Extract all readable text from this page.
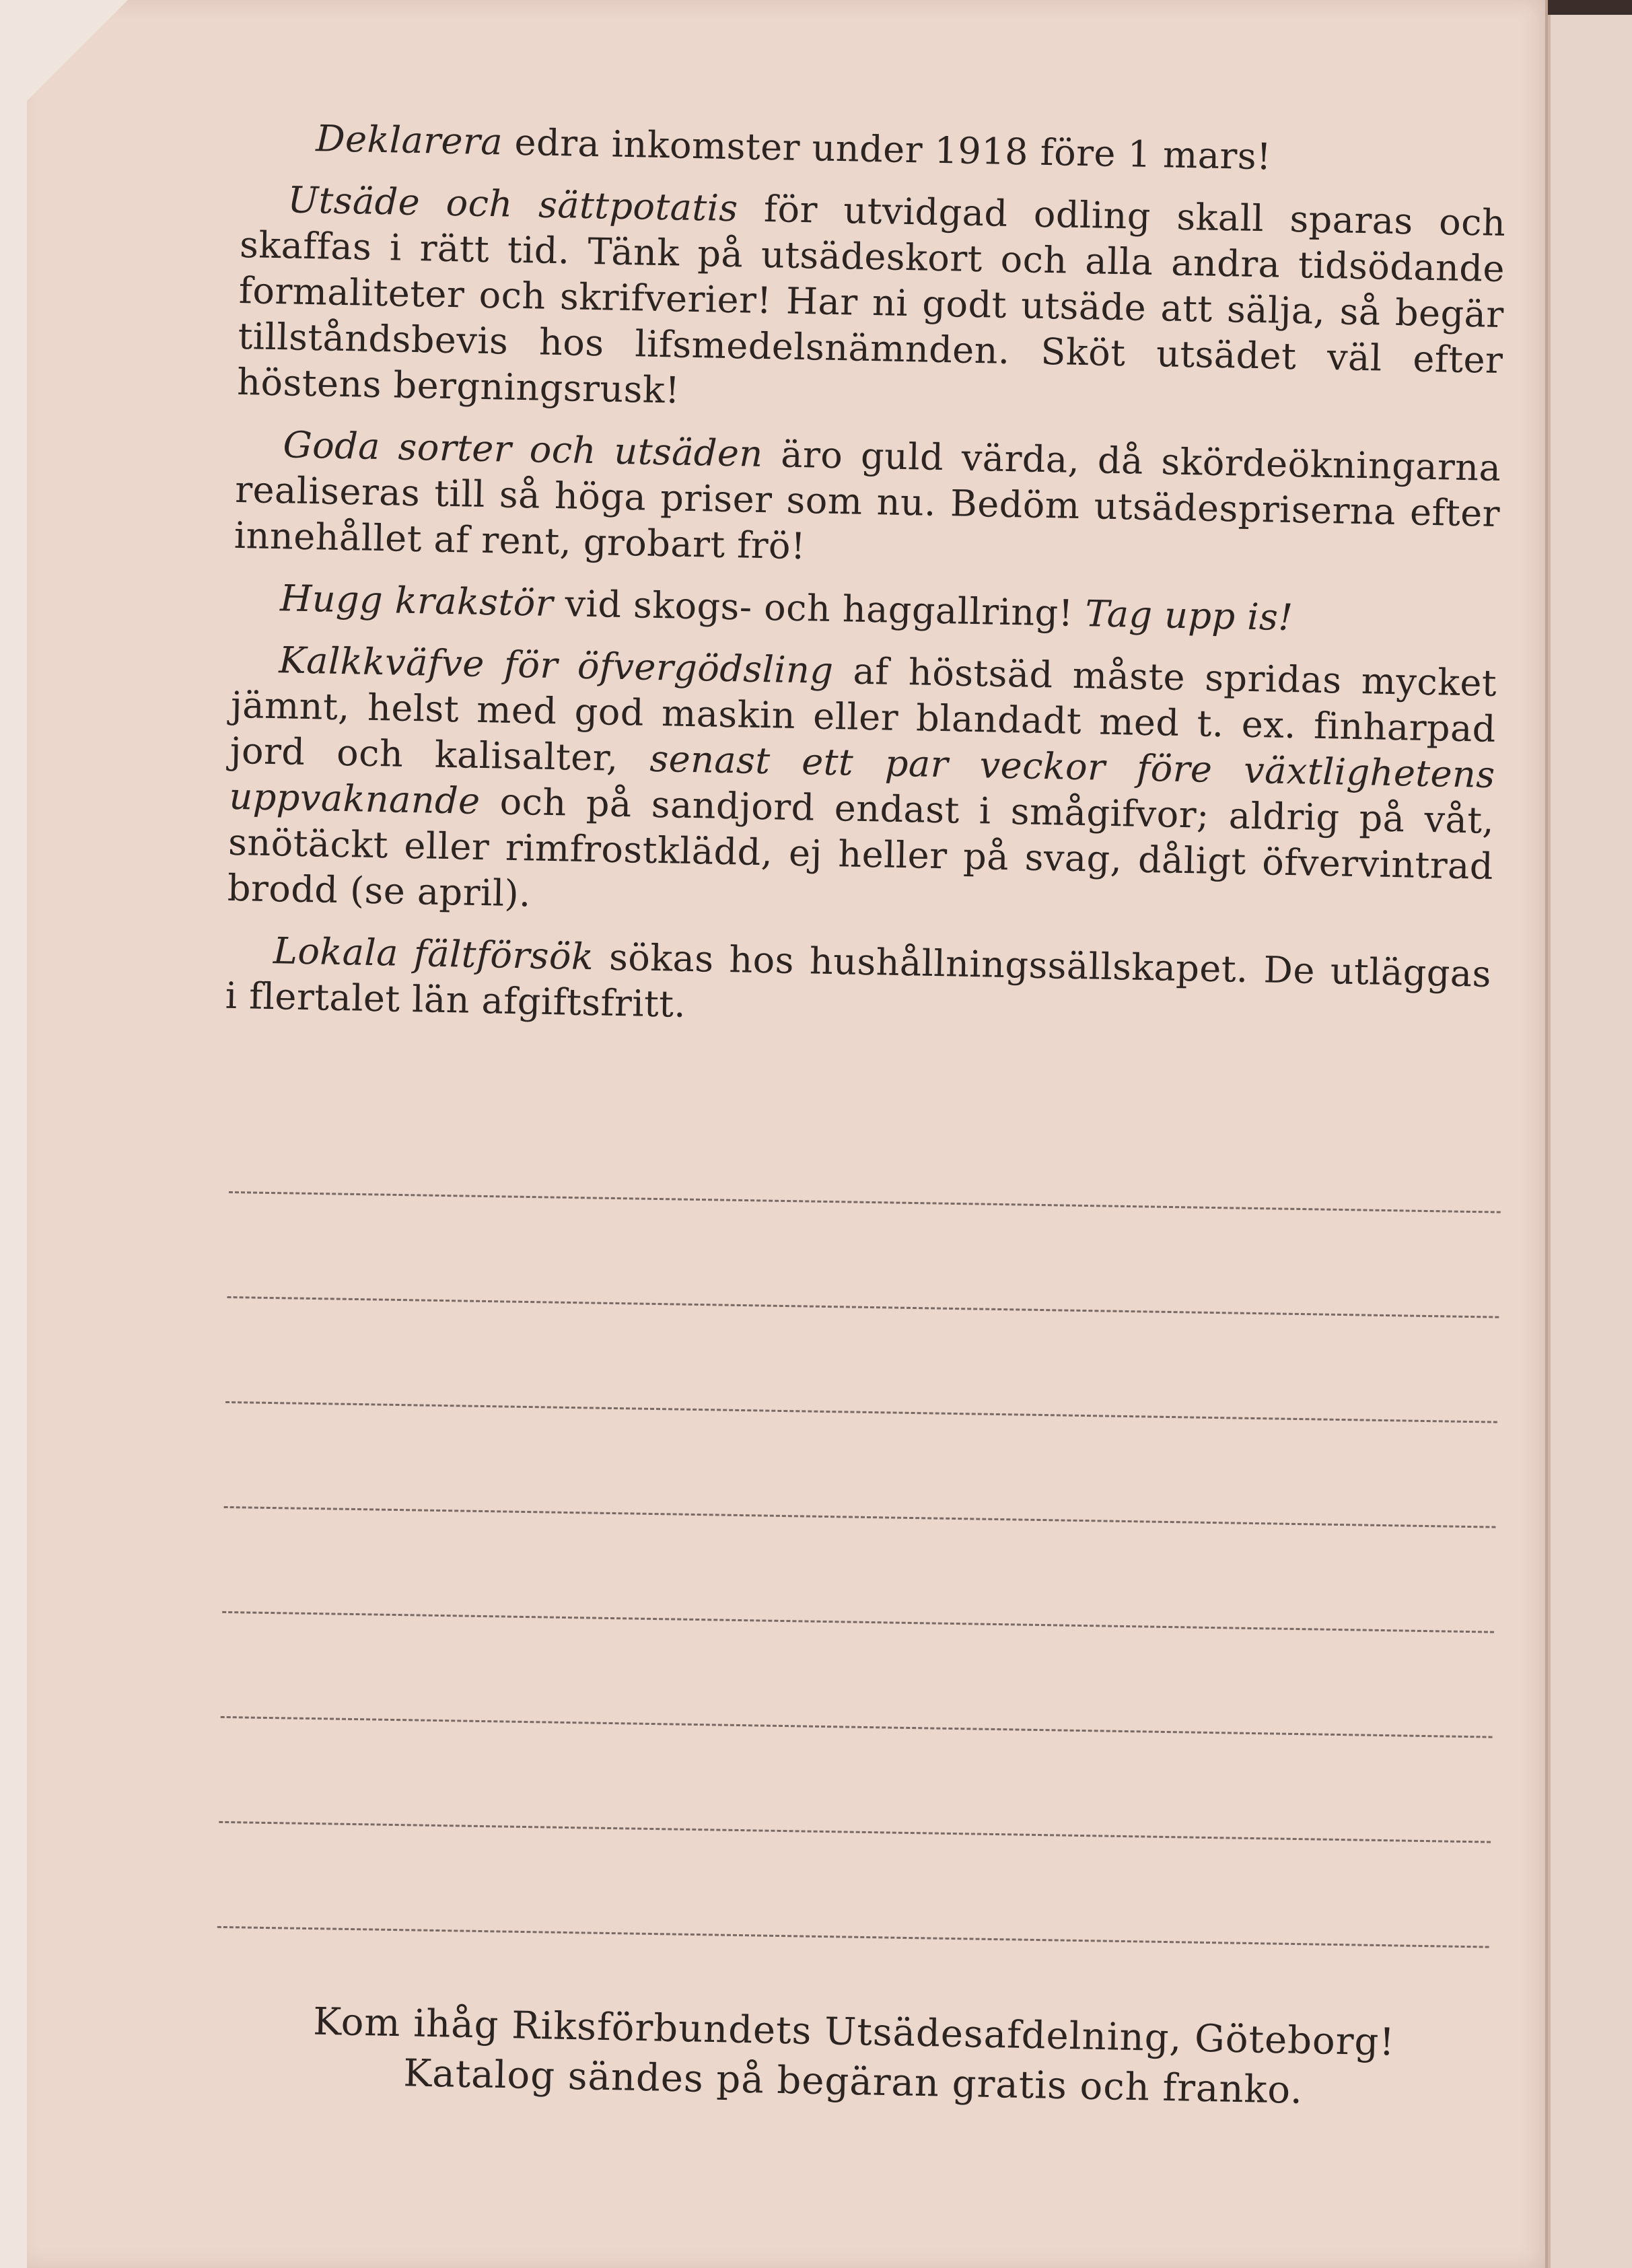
Deklarera edra inkomster under 1918 före 1 mars!

Utsäde och sättpotatis för utvidgad odling skall sparas och skaffas i rätt tid. Tänk på utsädeskort och alla andra tidsödande formaliteter och skrifverier! Har ni godt utsäde att sälja, så begär tillståndsbevis hos lifsmedelsnämnden. Sköt utsädet väl efter höstens bergningsrusk!

Goda sorter och utsäden äro guld värda, då skördeökningarna realiseras till så höga priser som nu. Bedöm utsädespriserna efter innehållet af rent, grobart frö!

Hugg krakstör vid skogs- och haggallring! Tag upp is!

Kalkkväfve för öfvergödsling af höstsäd måste spridas mycket jämnt, helst med god maskin eller blandadt med t. ex. finharpad jord och kalisalter, senast ett par veckor före växtlighetens uppvaknande och på sandjord endast i smågifvor; aldrig på våt, snötäckt eller rimfrostklädd, ej heller på svag, dåligt öfvervintrad brodd (se april).

Lokala fältförsök sökas hos hushållningssällskapet. De utläggas i flertalet län afgiftsfritt.

Kom ihåg Riksförbundets Utsädesafdelning, Göteborg!
Katalog sändes på begäran gratis och franko.
